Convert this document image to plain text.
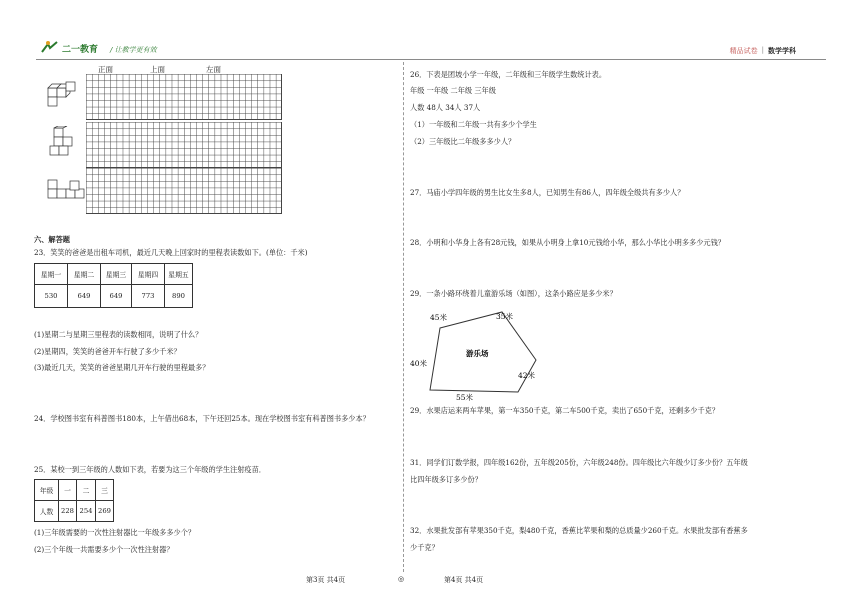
二一教育 / 让教学更有效	精品试卷 | 数学学科
正面	上面	左面
六、解答题
23．笑笑的爸爸是出租车司机，最近几天晚上回家时的里程表读数如下。(单位：千米)
星期一	星期二	星期三	星期四	星期五
530	649	649	773	890
(1)星期二与星期三里程表的读数相同，说明了什么？
(2)星期四，笑笑的爸爸开车行驶了多少千米？
(3)最近几天，笑笑的爸爸星期几开车行驶的里程最多？
24．学校图书室有科普图书180本，上午借出68本，下午还回25本。现在学校图书室有科普图书多少本？
25．某校一到三年级的人数如下表，若要为这三个年级的学生注射疫苗．
年级	一	二	三
人数	228	254	269
(1)三年级需要的一次性注射器比一年级多多少个？
(2)三个年级一共需要多少个一次性注射器？
26．下表是团坡小学一年级，二年级和三年级学生数统计表。
年级 一年级 二年级 三年级
人数 48人 34人 37人
（1）一年级和二年级一共有多少个学生
（2）三年级比二年级多多少人？
27．马庙小学四年级的男生比女生多8人，已知男生有86人，四年级全级共有多少人？
28．小明和小华身上各有28元钱，如果从小明身上拿10元钱给小华，那么小华比小明多多少元钱？
29．一条小路环绕着儿童游乐场（如图），这条小路应是多少米？
45米	35米
40米
42米
55米
游乐场
29．水果店运来两车苹果，第一车350千克，第二车500千克，卖出了650千克，还剩多少千克？
31．同学们订数学报，四年级162份，五年级205份，六年级248份。四年级比六年级少订多少份？五年级
比四年级多订多少份？
32．水果批发部有苹果350千克，梨480千克，香蕉比苹果和梨的总质量少260千克。水果批发部有香蕉多
少千克？
第3页 共4页	◎	第4页 共4页
